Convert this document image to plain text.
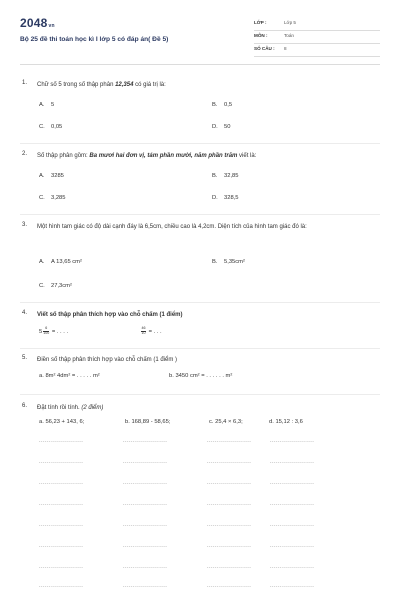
2048vn
Bộ 25 đề thi toán học kì I lớp 5 có đáp án( Đề 5)
LỚP :	Lớp 5
MÔN :	Toán
SỐ CÂU : 8
1. Chữ số 5 trong số thập phân 12,354 có giá trị là:
A. 5	B. 0,5
C. 0,05	D. 50
2. Số thập phân gồm: Ba mươi hai đơn vị, tám phần mười, năm phần trăm viết là:
A. 3285	B. 32,85
C. 3,285	D. 328,5
3. Một hình tam giác có độ dài cạnh đáy là 6,5cm, chiều cao là 4,2cm. Diện tích của hình tam giác đó là:
A. A 13,65 cm²	B. 5,35cm²
C. 27,3cm²
4. Viết số thập phân thích hợp vào chỗ chấm (1 điểm)
$5 \frac{6}{100}$ = . . . .	$\frac{46}{10}$ = . . .
5. Điền số thập phân thích hợp vào chỗ chấm (1 điểm )
a. 8m² 4dm² = . . . . . m²	b. 3450 cm² = . . . . . . m²
6. Đặt tính rồi tính. (2 điểm)
a. 56,23 + 143, 6;	b. 168,89 - 58,65;	c. 25,4 × 6,3;	d. 15,12 : 3,6
......................	......................	......................	......................
......................	......................	......................	......................
......................	......................	......................	......................
......................	......................	......................	......................
......................	......................	......................	......................
......................	......................	......................	......................
......................	......................	......................	......................
......................	......................	......................	......................
